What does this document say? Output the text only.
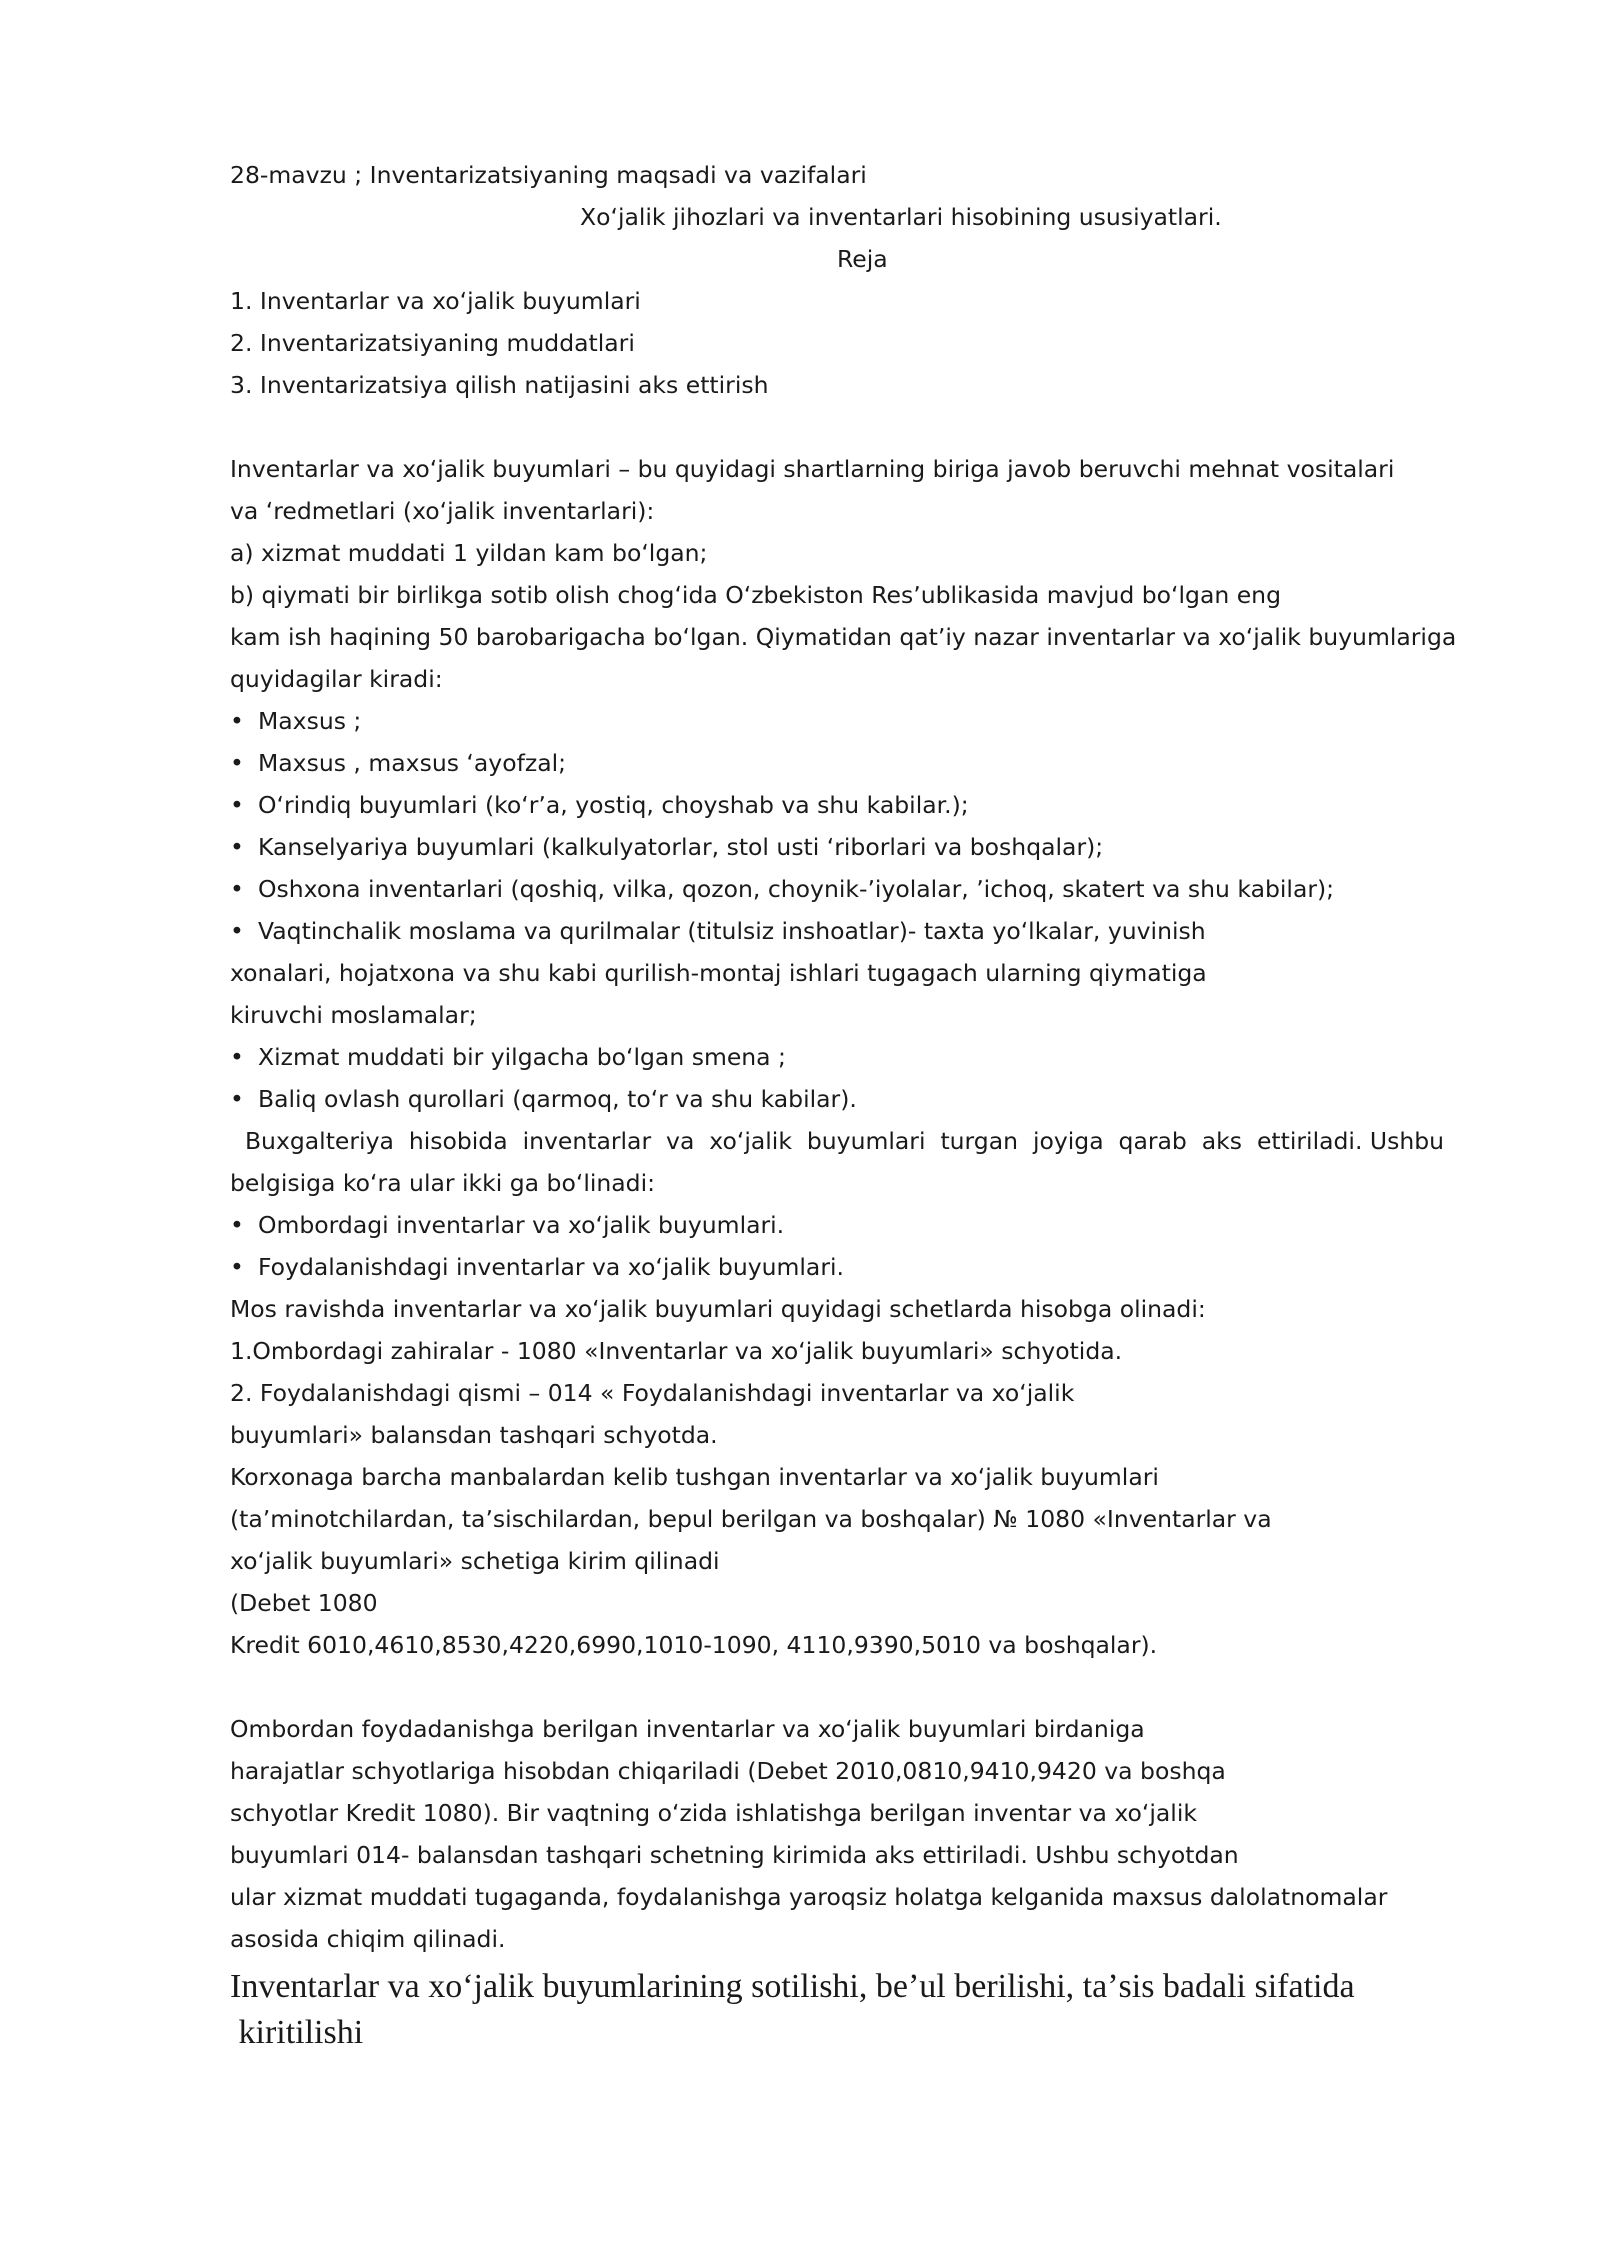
28-mavzu ; Inventarizatsiyaning maqsadi va vazifalari
Xoʻjalik jihozlari va inventarlari hisobining ususiyatlari.
Reja
1. Inventarlar va xoʻjalik buyumlari
2. Inventarizatsiyaning muddatlari
3. Inventarizatsiya qilish natijasini aks ettirish
Inventarlar va xoʻjalik buyumlari – bu quyidagi shartlarning biriga javob beruvchi mehnat vositalari
va ʻredmetlari (xoʻjalik inventarlari):
a) xizmat muddati 1 yildan kam boʻlgan;
b) qiymati bir birlikga sotib olish chogʻida Oʻzbekiston Resʼublikasida mavjud boʻlgan eng
kam ish haqining 50 barobarigacha boʻlgan. Qiymatidan qatʼiy nazar inventarlar va xoʻjalik buyumlariga
quyidagilar kiradi:
• Maxsus ;
• Maxsus , maxsus ʻayofzal;
• Oʻrindiq buyumlari (koʻrʼa, yostiq, choyshab va shu kabilar.);
• Kanselyariya buyumlari (kalkulyatorlar, stol usti ʻriborlari va boshqalar);
• Oshxona inventarlari (qoshiq, vilka, qozon, choynik-ʼiyolalar, ʼichoq, skatert va shu kabilar);
• Vaqtinchalik moslama va qurilmalar (titulsiz inshoatlar)- taxta yoʻlkalar, yuvinish
xonalari, hojatxona va shu kabi qurilish-montaj ishlari tugagach ularning qiymatiga
kiruvchi moslamalar;
• Xizmat muddati bir yilgacha boʻlgan smena ;
• Baliq ovlash qurollari (qarmoq, toʻr va shu kabilar).
Buxgalteriya  hisobida  inventarlar  va  xoʻjalik  buyumlari  turgan  joyiga  qarab  aks  ettiriladi. Ushbu
belgisiga koʻra ular ikki ga boʻlinadi:
• Ombordagi inventarlar va xoʻjalik buyumlari.
• Foydalanishdagi inventarlar va xoʻjalik buyumlari.
Mos ravishda inventarlar va xoʻjalik buyumlari quyidagi schetlarda hisobga olinadi:
1.Ombordagi zahiralar - 1080 «Inventarlar va xoʻjalik buyumlari» schyotida.
2. Foydalanishdagi qismi – 014 « Foydalanishdagi inventarlar va xoʻjalik
buyumlari» balansdan tashqari schyotda.
Korxonaga barcha manbalardan kelib tushgan inventarlar va xoʻjalik buyumlari
(taʼminotchilardan, taʼsischilardan, bepul berilgan va boshqalar) № 1080 «Inventarlar va
xoʻjalik buyumlari» schetiga kirim qilinadi
(Debet 1080
Kredit 6010,4610,8530,4220,6990,1010-1090, 4110,9390,5010 va boshqalar).
Ombordan foydadanishga berilgan inventarlar va xoʻjalik buyumlari birdaniga
harajatlar schyotlariga hisobdan chiqariladi (Debet 2010,0810,9410,9420 va boshqa
schyotlar Kredit 1080). Bir vaqtning oʻzida ishlatishga berilgan inventar va xoʻjalik
buyumlari 014- balansdan tashqari schetning kirimida aks ettiriladi. Ushbu schyotdan
ular xizmat muddati tugaganda, foydalanishga yaroqsiz holatga kelganida maxsus dalolatnomalar
asosida chiqim qilinadi.
Inventarlar va xoʻjalik buyumlarining sotilishi, beʼul berilishi, taʼsis badali sifatida
kiritilishi
